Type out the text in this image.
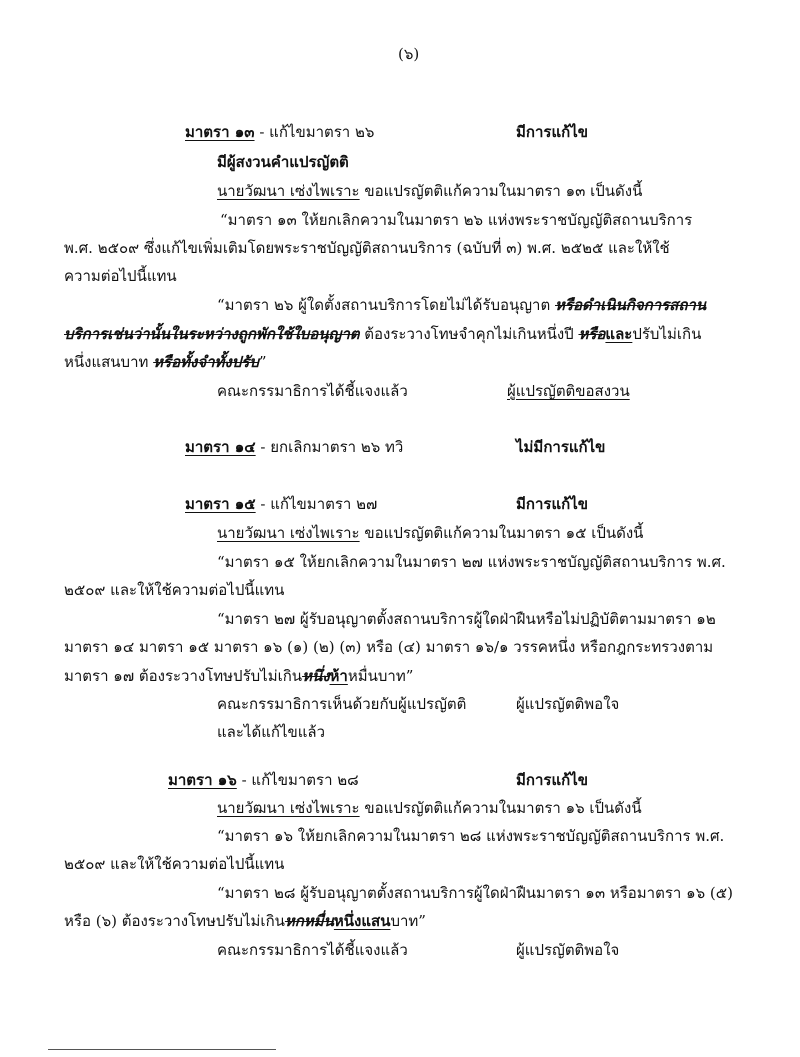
(๖)
มาตรา ๑๓ - แก้ไขมาตรา ๒๖	มีการแก้ไข
มีผู้สงวนคำแปรญัตติ
นายวัฒนา เซ่งไพเราะ ขอแปรญัตติแก้ความในมาตรา ๑๓ เป็นดังนี้
“มาตรา ๑๓ ให้ยกเลิกความในมาตรา ๒๖ แห่งพระราชบัญญัติสถานบริการ
พ.ศ. ๒๕๐๙ ซึ่งแก้ไขเพิ่มเติมโดยพระราชบัญญัติสถานบริการ (ฉบับที่ ๓) พ.ศ. ๒๕๒๕ และให้ใช้
ความต่อไปนี้แทน
“มาตรา ๒๖ ผู้ใดตั้งสถานบริการโดยไม่ได้รับอนุญาต หรือดำเนินกิจการสถาน
บริการเช่นว่านั้นในระหว่างถูกพักใช้ใบอนุญาต ต้องระวางโทษจำคุกไม่เกินหนึ่งปี หรือและปรับไม่เกิน
หนึ่งแสนบาท หรือทั้งจำทั้งปรับ”
คณะกรรมาธิการได้ชี้แจงแล้ว	ผู้แปรญัตติขอสงวน
มาตรา ๑๔ - ยกเลิกมาตรา ๒๖ ทวิ	ไม่มีการแก้ไข
มาตรา ๑๕ - แก้ไขมาตรา ๒๗	มีการแก้ไข
นายวัฒนา เซ่งไพเราะ ขอแปรญัตติแก้ความในมาตรา ๑๕ เป็นดังนี้
“มาตรา ๑๕ ให้ยกเลิกความในมาตรา ๒๗ แห่งพระราชบัญญัติสถานบริการ พ.ศ.
๒๕๐๙ และให้ใช้ความต่อไปนี้แทน
“มาตรา ๒๗ ผู้รับอนุญาตตั้งสถานบริการผู้ใดฝ่าฝืนหรือไม่ปฏิบัติตามมาตรา ๑๒
มาตรา ๑๔ มาตรา ๑๕ มาตรา ๑๖ (๑) (๒) (๓) หรือ (๔) มาตรา ๑๖/๑ วรรคหนึ่ง หรือกฎกระทรวงตาม
มาตรา ๑๗ ต้องระวางโทษปรับไม่เกินหนึ่งห้าหมื่นบาท”
คณะกรรมาธิการเห็นด้วยกับผู้แปรญัตติ	ผู้แปรญัตติพอใจ
และได้แก้ไขแล้ว
มาตรา ๑๖ - แก้ไขมาตรา ๒๘	มีการแก้ไข
นายวัฒนา เซ่งไพเราะ ขอแปรญัตติแก้ความในมาตรา ๑๖ เป็นดังนี้
“มาตรา ๑๖ ให้ยกเลิกความในมาตรา ๒๘ แห่งพระราชบัญญัติสถานบริการ พ.ศ.
๒๕๐๙ และให้ใช้ความต่อไปนี้แทน
“มาตรา ๒๘ ผู้รับอนุญาตตั้งสถานบริการผู้ใดฝ่าฝืนมาตรา ๑๓ หรือมาตรา ๑๖ (๕)
หรือ (๖) ต้องระวางโทษปรับไม่เกินหกหมื่นหนึ่งแสนบาท”
คณะกรรมาธิการได้ชี้แจงแล้ว	ผู้แปรญัตติพอใจ
